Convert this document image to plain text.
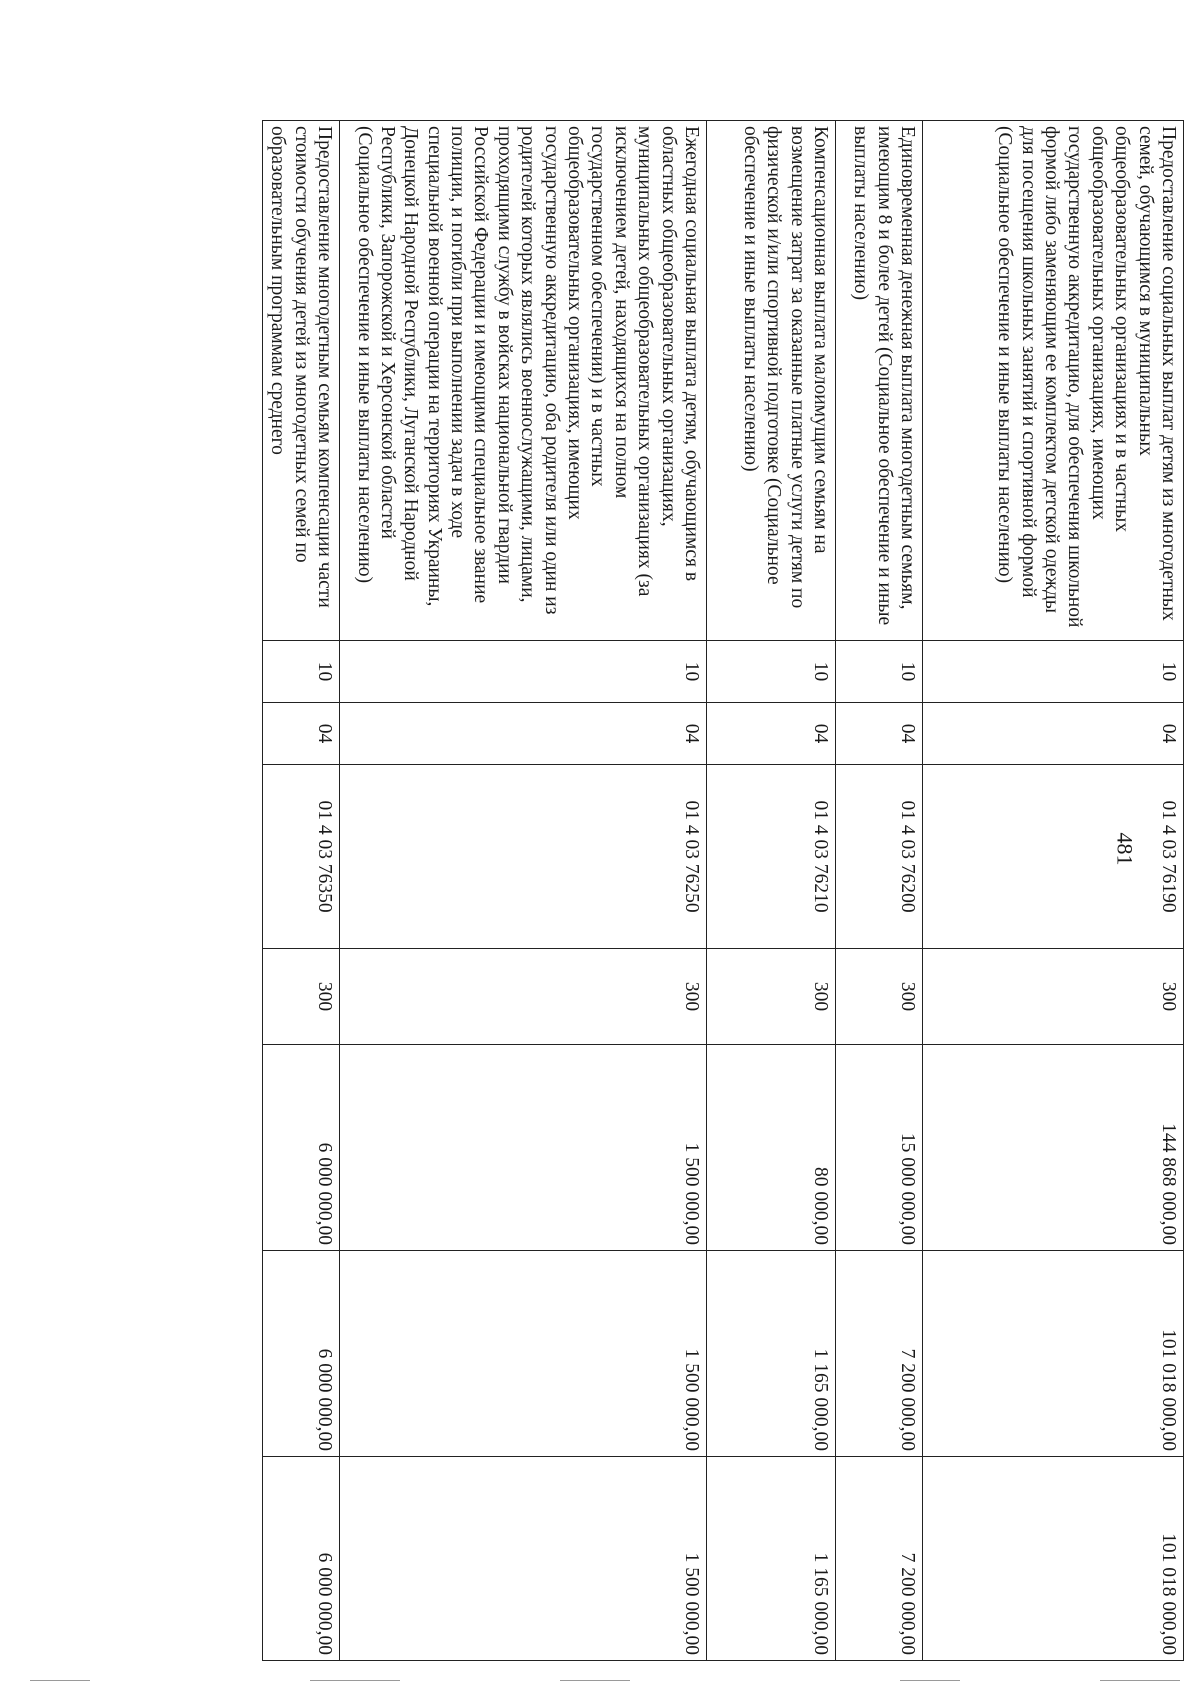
481
Предоставление социальных выплат детям из многодетных семей, обучающимся в муниципальных общеобразовательных организациях и в частных общеобразовательных организациях, имеющих государственную аккредитацию, для обеспечения школьной формой либо заменяющим ее комплектом детской одежды для посещения школьных занятий и спортивной формой (Социальное обеспечение и иные выплаты населению)	10	04	01 4 03 76190	300	144 868 000,00	101 018 000,00	101 018 000,00
Единовременная денежная выплата многодетным семьям, имеющим 8 и более детей (Социальное обеспечение и иные выплаты населению)	10	04	01 4 03 76200	300	15 000 000,00	7 200 000,00	7 200 000,00
Компенсационная выплата малоимущим семьям на возмещение затрат за оказанные платные услуги детям по физической и/или спортивной подготовке (Социальное обеспечение и иные выплаты населению)	10	04	01 4 03 76210	300	80 000,00	1 165 000,00	1 165 000,00
Ежегодная социальная выплата детям, обучающимся в областных общеобразовательных организациях, муниципальных общеобразовательных организациях (за исключением детей, находящихся на полном государственном обеспечении) и в частных общеобразовательных организациях, имеющих государственную аккредитацию, оба родителя или один из родителей которых являлись военнослужащими, лицами, проходящими службу в войсках национальной гвардии Российской Федерации и имеющими специальное звание полиции, и погибли при выполнении задач в ходе специальной военной операции на территориях Украины, Донецкой Народной Республики, Луганской Народной Республики, Запорожской и Херсонской областей (Социальное обеспечение и иные выплаты населению)	10	04	01 4 03 76250	300	1 500 000,00	1 500 000,00	1 500 000,00
Предоставление многодетным семьям компенсации части стоимости обучения детей из многодетных семей по образовательным программам среднего	10	04	01 4 03 76350	300	6 000 000,00	6 000 000,00	6 000 000,00
